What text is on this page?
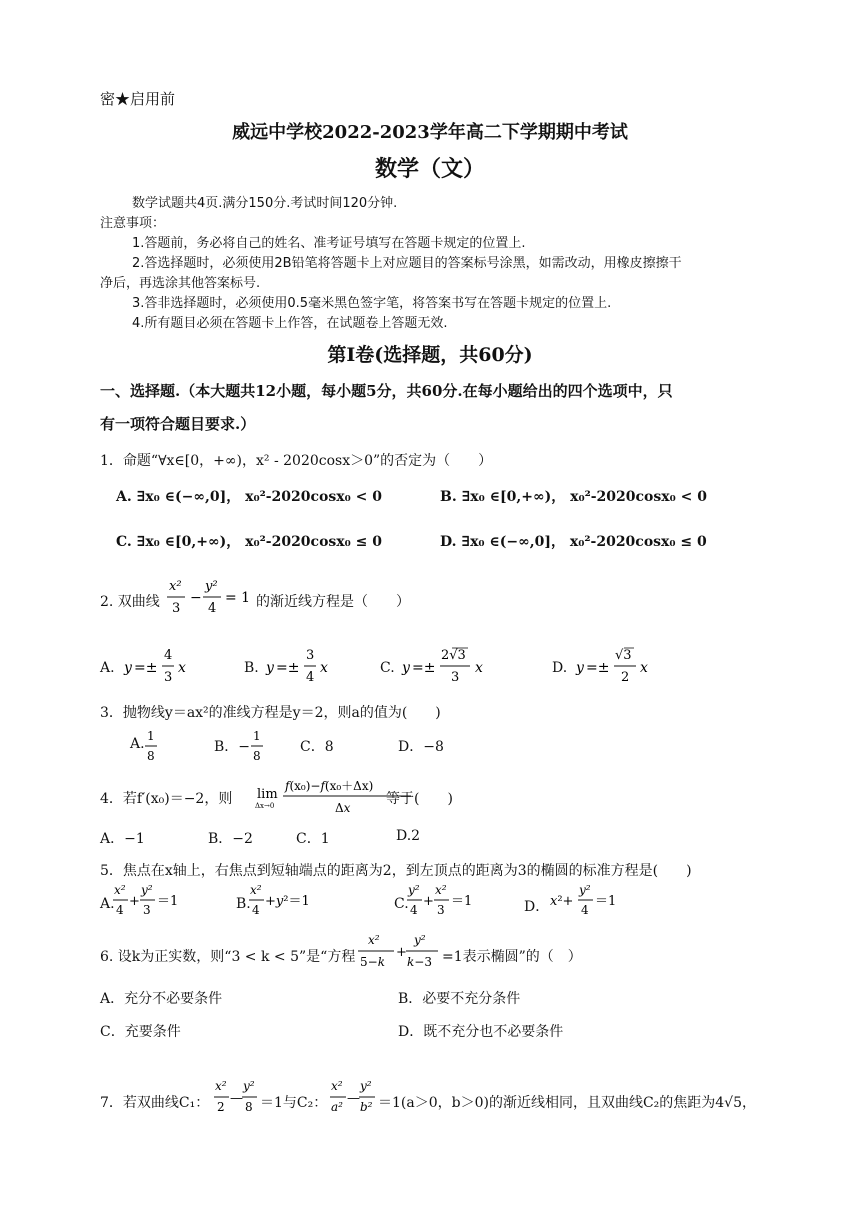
密★启用前
威远中学校2022-2023学年高二下学期期中考试
数学（文）
数学试题共4页.满分150分.考试时间120分钟.
注意事项：
1.答题前，务必将自己的姓名、准考证号填写在答题卡规定的位置上.
2.答选择题时，必须使用2B铅笔将答题卡上对应题目的答案标号涂黑，如需改动，用橡皮擦擦干
净后，再选涂其他答案标号.
3.答非选择题时，必须使用0.5毫米黑色签字笔，将答案书写在答题卡规定的位置上.
4.所有题目必须在答题卡上作答，在试题卷上答题无效.
第Ⅰ卷(选择题，共60分)
一、选择题.（本大题共12小题，每小题5分，共60分.在每小题给出的四个选项中，只
有一项符合题目要求.）
1．命题“∀x∈[0，+∞)，x² - 2020cosx＞0”的否定为（　　）
A. ∃x₀ ∈(−∞,0]， x₀²-2020cosx₀ < 0	B. ∃x₀ ∈[0,+∞)， x₀²-2020cosx₀ < 0
C. ∃x₀ ∈[0,+∞)， x₀²-2020cosx₀ ≤ 0	D. ∃x₀ ∈(−∞,0]， x₀²-2020cosx₀ ≤ 0
2. 双曲线
x²
3
−
y²
4
= 1 的渐近线方程是（　　）
A. y =±
4
3
x	B. y =±
3
4
x	C. y =±
2√3
3
x	D. y =±
√3
2
x
3．抛物线y＝ax²的准线方程是y＝2，则a的值为(　　)
A. 1
8
B．−
1
8
C．8	D．−8
4．若f′(x₀)＝−2，则 lim
Δx→0
f(x₀)−f(x₀＋Δx)
Δx
等于(　　)
A．−1	B．−2	C．1	D.2
5．焦点在x轴上，右焦点到短轴端点的距离为2，到左顶点的距离为3的椭圆的标准方程是(　　)
A.
x²
4
+
y²
3
＝1	B.
x²
4
+y²＝1	C.
y²
4
+
x²
3
＝1	D． x²+
y²
4
＝1
6. 设k为正实数，则“3 < k < 5”是“方程
x²
5−k
+
y²
k−3 =1表示椭圆”的（　）
A．充分不必要条件	B．必要不充分条件
C．充要条件	D．既不充分也不必要条件
7．若双曲线C₁：
x²
2
—
y²
8 ＝1与C₂：
x²
a²
—
y²
b² ＝1(a＞0，b＞0)的渐近线相同，且双曲线C₂的焦距为4√5，
